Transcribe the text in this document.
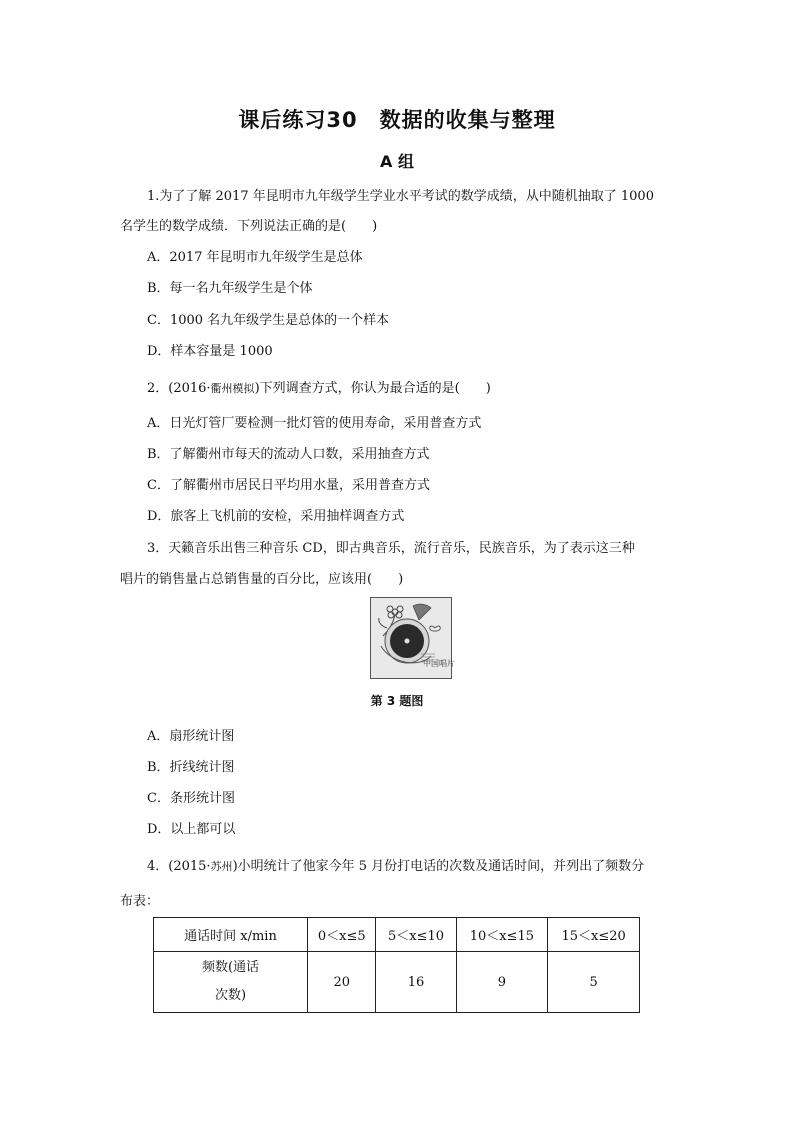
课后练习30 数据的收集与整理
A 组
1.为了了解 2017 年昆明市九年级学生学业水平考试的数学成绩，从中随机抽取了 1000
名学生的数学成绩．下列说法正确的是(　　)
A．2017 年昆明市九年级学生是总体
B．每一名九年级学生是个体
C．1000 名九年级学生是总体的一个样本
D．样本容量是 1000
2．(2016·衢州模拟)下列调查方式，你认为最合适的是(　　)
A．日光灯管厂要检测一批灯管的使用寿命，采用普查方式
B．了解衢州市每天的流动人口数，采用抽查方式
C．了解衢州市居民日平均用水量，采用普查方式
D．旅客上飞机前的安检，采用抽样调查方式
3．天籁音乐出售三种音乐 CD，即古典音乐，流行音乐，民族音乐，为了表示这三种
唱片的销售量占总销售量的百分比，应该用(　　)
中国唱片
第 3 题图
A．扇形统计图
B．折线统计图
C．条形统计图
D．以上都可以
4．(2015·苏州)小明统计了他家今年 5 月份打电话的次数及通话时间，并列出了频数分
布表：
通话时间 x/min	0＜x≤5	5＜x≤10	10＜x≤15	15＜x≤20

频数(通话
次数)	20	16	9	5
